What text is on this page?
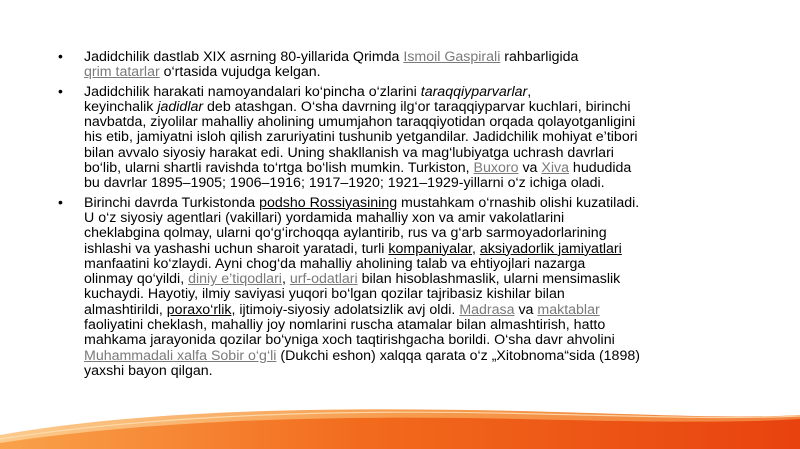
• Jadidchilik dastlab XIX asrning 80-yillarida Qrimda Ismoil Gaspirali rahbarligida
qrim tatarlar o‘rtasida vujudga kelgan.
• Jadidchilik harakati namoyandalari ko‘pincha o‘zlarini taraqqiyparvarlar,
keyinchalik jadidlar deb atashgan. O‘sha davrning ilg‘or taraqqiyparvar kuchlari, birinchi
navbatda, ziyolilar mahalliy aholining umumjahon taraqqiyotidan orqada qolayotganligini
his etib, jamiyatni isloh qilish zaruriyatini tushunib yetgandilar. Jadidchilik mohiyat e’tibori
bilan avvalo siyosiy harakat edi. Uning shakllanish va mag‘lubiyatga uchrash davrlari
bo‘lib, ularni shartli ravishda to‘rtga bo‘lish mumkin. Turkiston, Buxoro va Xiva hududida
bu davrlar 1895–1905; 1906–1916; 1917–1920; 1921–1929-yillarni o‘z ichiga oladi.
• Birinchi davrda Turkistonda podsho Rossiyasining mustahkam o‘rnashib olishi kuzatiladi.
U o‘z siyosiy agentlari (vakillari) yordamida mahalliy xon va amir vakolatlarini
cheklabgina qolmay, ularni qo‘g‘irchoqqa aylantirib, rus va g‘arb sarmoyadorlarining
ishlashi va yashashi uchun sharoit yaratadi, turli kompaniyalar, aksiyadorlik jamiyatlari
manfaatini ko‘zlaydi. Ayni chog‘da mahalliy aholining talab va ehtiyojlari nazarga
olinmay qo‘yildi, diniy e’tiqodlari, urf-odatlari bilan hisoblashmaslik, ularni mensimaslik
kuchaydi. Hayotiy, ilmiy saviyasi yuqori bo‘lgan qozilar tajribasiz kishilar bilan
almashtirildi, poraxo‘rlik, ijtimoiy-siyosiy adolatsizlik avj oldi. Madrasa va maktablar
faoliyatini cheklash, mahalliy joy nomlarini ruscha atamalar bilan almashtirish, hatto
mahkama jarayonida qozilar bo‘yniga xoch taqtirishgacha borildi. O‘sha davr ahvolini
Muhammadali xalfa Sobir o‘g‘li (Dukchi eshon) xalqqa qarata o‘z „Xitobnoma“sida (1898)
yaxshi bayon qilgan.
